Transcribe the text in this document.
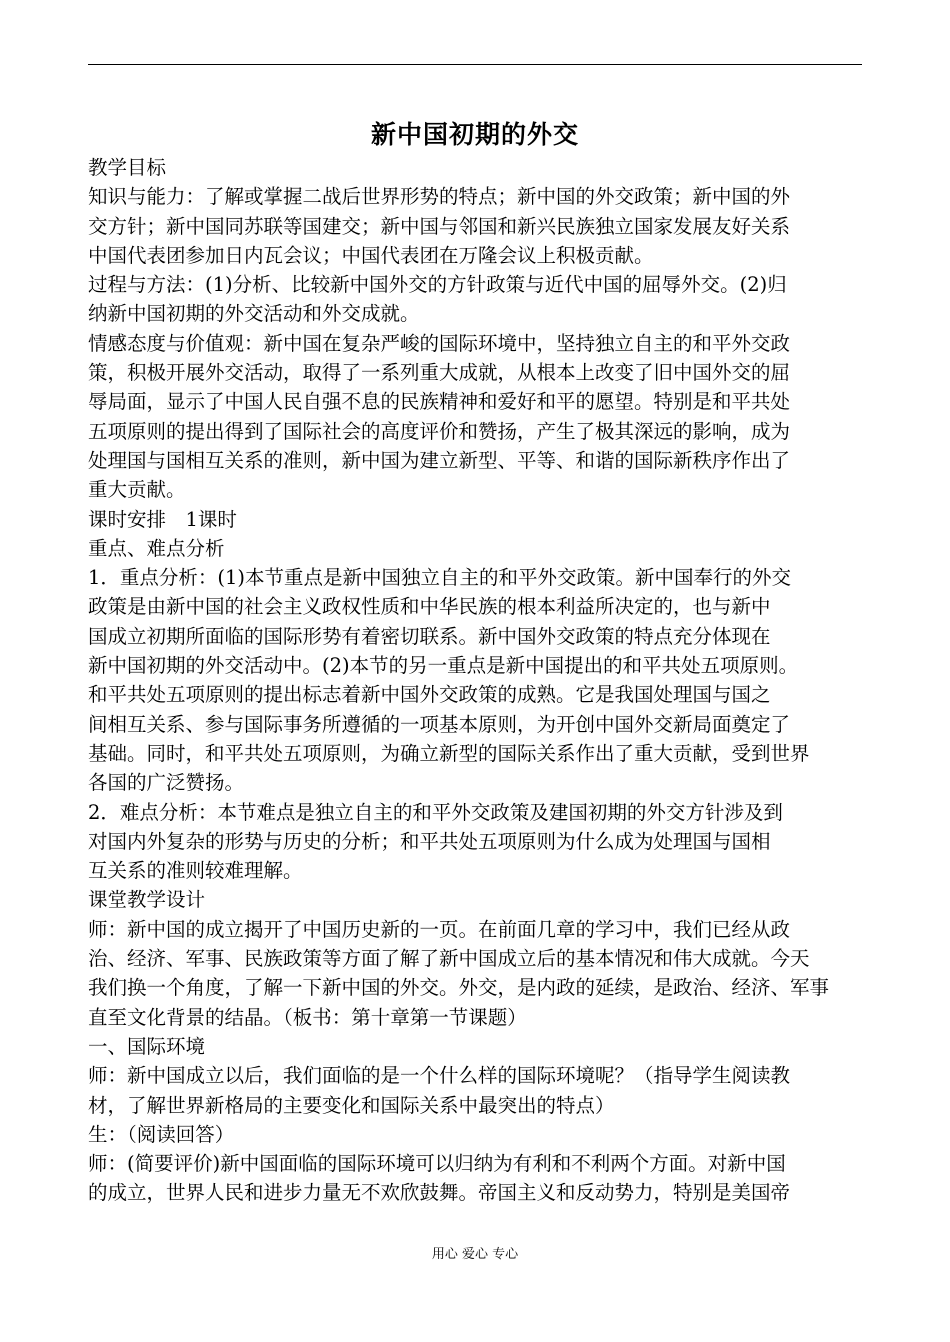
新中国初期的外交
教学目标
知识与能力：了解或掌握二战后世界形势的特点；新中国的外交政策；新中国的外
交方针；新中国同苏联等国建交；新中国与邻国和新兴民族独立国家发展友好关系
中国代表团参加日内瓦会议；中国代表团在万隆会议上积极贡献。
过程与方法：(1)分析、比较新中国外交的方针政策与近代中国的屈辱外交。(2)归
纳新中国初期的外交活动和外交成就。
情感态度与价值观：新中国在复杂严峻的国际环境中，坚持独立自主的和平外交政
策，积极开展外交活动，取得了一系列重大成就，从根本上改变了旧中国外交的屈
辱局面，显示了中国人民自强不息的民族精神和爱好和平的愿望。特别是和平共处
五项原则的提出得到了国际社会的高度评价和赞扬，产生了极其深远的影响，成为
处理国与国相互关系的准则，新中国为建立新型、平等、和谐的国际新秩序作出了
重大贡献。
课时安排　1课时
重点、难点分析
1．重点分析：(1)本节重点是新中国独立自主的和平外交政策。新中国奉行的外交
政策是由新中国的社会主义政权性质和中华民族的根本利益所决定的，也与新中
国成立初期所面临的国际形势有着密切联系。新中国外交政策的特点充分体现在
新中国初期的外交活动中。(2)本节的另一重点是新中国提出的和平共处五项原则。
和平共处五项原则的提出标志着新中国外交政策的成熟。它是我国处理国与国之
间相互关系、参与国际事务所遵循的一项基本原则，为开创中国外交新局面奠定了
基础。同时，和平共处五项原则，为确立新型的国际关系作出了重大贡献，受到世界
各国的广泛赞扬。
2．难点分析：本节难点是独立自主的和平外交政策及建国初期的外交方针涉及到
对国内外复杂的形势与历史的分析；和平共处五项原则为什么成为处理国与国相
互关系的准则较难理解。
课堂教学设计
师：新中国的成立揭开了中国历史新的一页。在前面几章的学习中，我们已经从政
治、经济、军事、民族政策等方面了解了新中国成立后的基本情况和伟大成就。今天
我们换一个角度，了解一下新中国的外交。外交，是内政的延续，是政治、经济、军事
直至文化背景的结晶。（板书：第十章第一节课题）
一、国际环境
师：新中国成立以后，我们面临的是一个什么样的国际环境呢？（指导学生阅读教
材，了解世界新格局的主要变化和国际关系中最突出的特点）
生：（阅读回答）
师：(简要评价)新中国面临的国际环境可以归纳为有利和不利两个方面。对新中国
的成立，世界人民和进步力量无不欢欣鼓舞。帝国主义和反动势力，特别是美国帝
用心 爱心 专心
